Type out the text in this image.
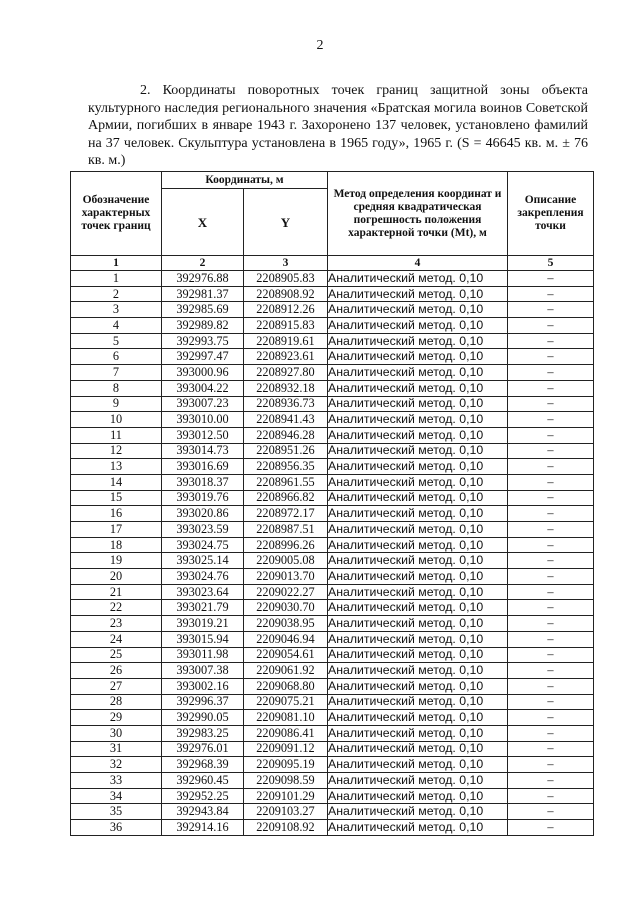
2

2. Координаты поворотных точек границ защитной зоны объекта культурного наследия регионального значения «Братская могила воинов Советской Армии, погибших в январе 1943 г. Захоронено 137 человек, установлено фамилий на 37 человек. Скульптура установлена в 1965 году», 1965 г. (S = 46645 кв. м. ± 76 кв. м.)

Обозначение характерных точек границ	Координаты, м		Метод определения координат и средняя квадратическая погрешность положения характерной точки (Mt), м	Описание закрепления точки
	X	Y		
1	2	3	4	5
1	392976.88	2208905.83	Аналитический метод. 0,10	–
2	392981.37	2208908.92	Аналитический метод. 0,10	–
3	392985.69	2208912.26	Аналитический метод. 0,10	–
4	392989.82	2208915.83	Аналитический метод. 0,10	–
5	392993.75	2208919.61	Аналитический метод. 0,10	–
6	392997.47	2208923.61	Аналитический метод. 0,10	–
7	393000.96	2208927.80	Аналитический метод. 0,10	–
8	393004.22	2208932.18	Аналитический метод. 0,10	–
9	393007.23	2208936.73	Аналитический метод. 0,10	–
10	393010.00	2208941.43	Аналитический метод. 0,10	–
11	393012.50	2208946.28	Аналитический метод. 0,10	–
12	393014.73	2208951.26	Аналитический метод. 0,10	–
13	393016.69	2208956.35	Аналитический метод. 0,10	–
14	393018.37	2208961.55	Аналитический метод. 0,10	–
15	393019.76	2208966.82	Аналитический метод. 0,10	–
16	393020.86	2208972.17	Аналитический метод. 0,10	–
17	393023.59	2208987.51	Аналитический метод. 0,10	–
18	393024.75	2208996.26	Аналитический метод. 0,10	–
19	393025.14	2209005.08	Аналитический метод. 0,10	–
20	393024.76	2209013.70	Аналитический метод. 0,10	–
21	393023.64	2209022.27	Аналитический метод. 0,10	–
22	393021.79	2209030.70	Аналитический метод. 0,10	–
23	393019.21	2209038.95	Аналитический метод. 0,10	–
24	393015.94	2209046.94	Аналитический метод. 0,10	–
25	393011.98	2209054.61	Аналитический метод. 0,10	–
26	393007.38	2209061.92	Аналитический метод. 0,10	–
27	393002.16	2209068.80	Аналитический метод. 0,10	–
28	392996.37	2209075.21	Аналитический метод. 0,10	–
29	392990.05	2209081.10	Аналитический метод. 0,10	–
30	392983.25	2209086.41	Аналитический метод. 0,10	–
31	392976.01	2209091.12	Аналитический метод. 0,10	–
32	392968.39	2209095.19	Аналитический метод. 0,10	–
33	392960.45	2209098.59	Аналитический метод. 0,10	–
34	392952.25	2209101.29	Аналитический метод. 0,10	–
35	392943.84	2209103.27	Аналитический метод. 0,10	–
36	392914.16	2209108.92	Аналитический метод. 0,10	–
